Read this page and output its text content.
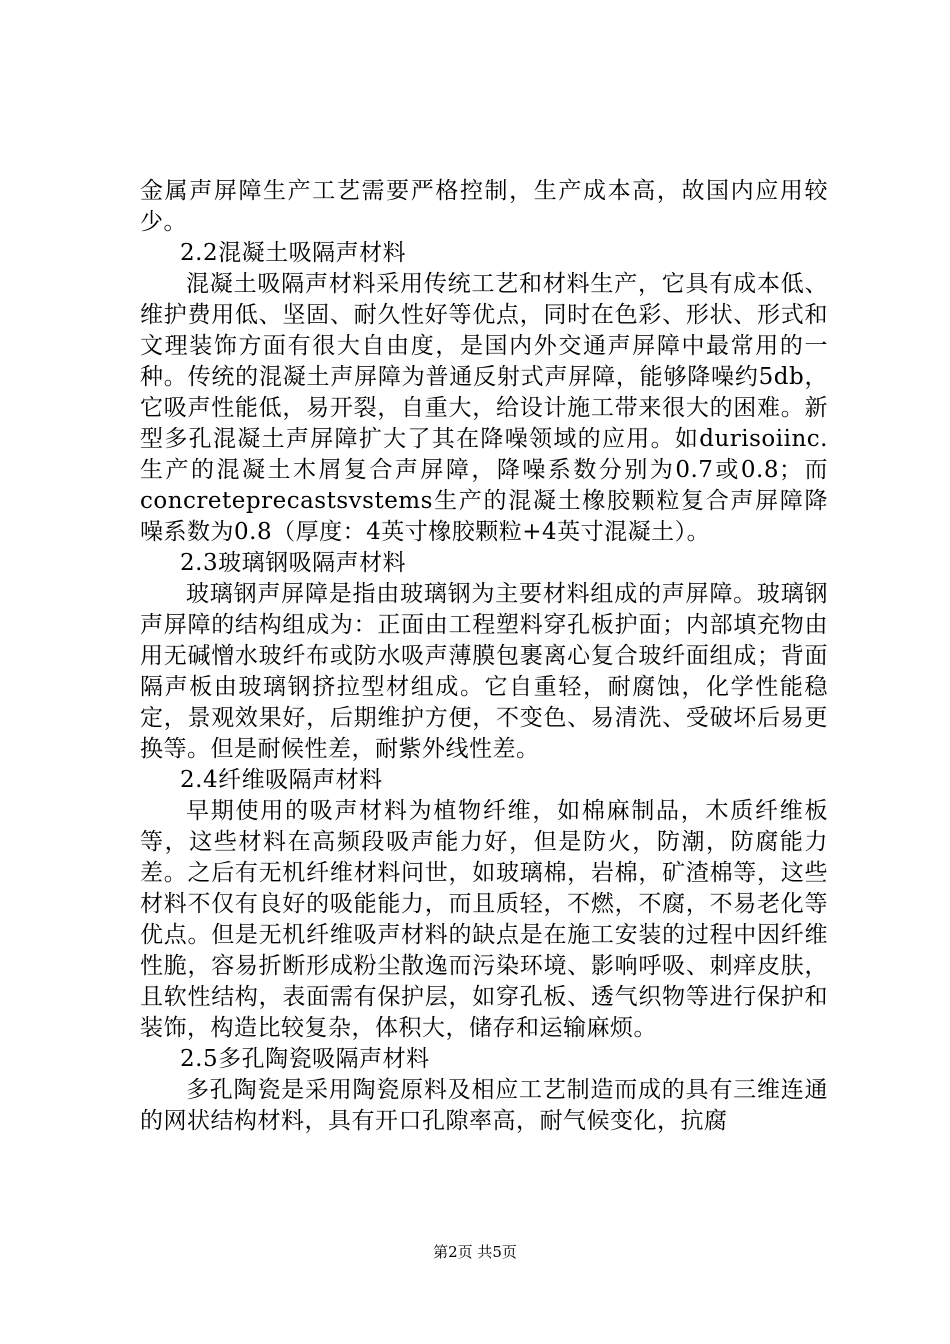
金属声屏障生产工艺需要严格控制，生产成本高，故国内应用较少。

2.2混凝土吸隔声材料

混凝土吸隔声材料采用传统工艺和材料生产，它具有成本低、维护费用低、坚固、耐久性好等优点，同时在色彩、形状、形式和文理装饰方面有很大自由度，是国内外交通声屏障中最常用的一种。传统的混凝土声屏障为普通反射式声屏障，能够降噪约5db，它吸声性能低，易开裂，自重大，给设计施工带来很大的困难。新型多孔混凝土声屏障扩大了其在降噪领域的应用。如durisoiinc.生产的混凝土木屑复合声屏障，降噪系数分别为0.7或0.8；而concreteprecastsvstems生产的混凝土橡胶颗粒复合声屏障降噪系数为0.8（厚度：4英寸橡胶颗粒+4英寸混凝土）。

2.3玻璃钢吸隔声材料

玻璃钢声屏障是指由玻璃钢为主要材料组成的声屏障。玻璃钢声屏障的结构组成为：正面由工程塑料穿孔板护面；内部填充物由用无碱憎水玻纤布或防水吸声薄膜包裹离心复合玻纤面组成；背面隔声板由玻璃钢挤拉型材组成。它自重轻，耐腐蚀，化学性能稳定，景观效果好，后期维护方便，不变色、易清洗、受破坏后易更换等。但是耐候性差，耐紫外线性差。

2.4纤维吸隔声材料

早期使用的吸声材料为植物纤维，如棉麻制品，木质纤维板等，这些材料在高频段吸声能力好，但是防火，防潮，防腐能力差。之后有无机纤维材料问世，如玻璃棉，岩棉，矿渣棉等，这些材料不仅有良好的吸能能力，而且质轻，不燃，不腐，不易老化等优点。但是无机纤维吸声材料的缺点是在施工安装的过程中因纤维性脆，容易折断形成粉尘散逸而污染环境、影响呼吸、刺痒皮肤，且软性结构，表面需有保护层，如穿孔板、透气织物等进行保护和装饰，构造比较复杂，体积大，储存和运输麻烦。

2.5多孔陶瓷吸隔声材料

多孔陶瓷是采用陶瓷原料及相应工艺制造而成的具有三维连通的网状结构材料，具有开口孔隙率高，耐气候变化，抗腐

第2页 共5页
